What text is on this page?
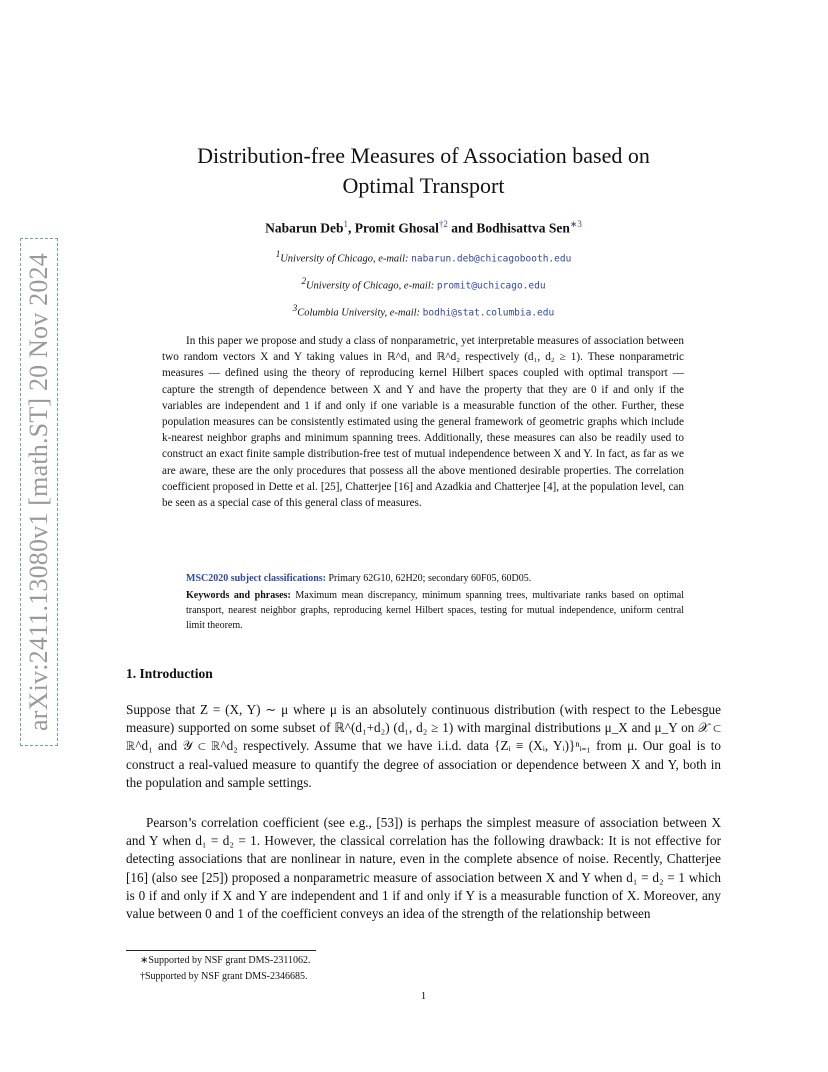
arXiv:2411.13080v1 [math.ST] 20 Nov 2024
Distribution-free Measures of Association based on
Optimal Transport
Nabarun Deb$^1$, Promit Ghosal$^{\dagger 2}$ and Bodhisattva Sen$^{∗3}$
$^1$University of Chicago, e-mail: nabarun.deb@chicagobooth.edu
$^2$University of Chicago, e-mail: promit@uchicago.edu
$^3$Columbia University, e-mail: bodhi@stat.columbia.edu

In this paper we propose and study a class of nonparametric, yet interpretable measures of association between two random vectors X and Y taking values in ℝ^d₁ and ℝ^d₂ respectively (d₁, d₂ ≥ 1). These nonparametric measures — defined using the theory of reproducing kernel Hilbert spaces coupled with optimal transport — capture the strength of dependence between X and Y and have the property that they are 0 if and only if the variables are independent and 1 if and only if one variable is a measurable function of the other. Further, these population measures can be consistently estimated using the general framework of geometric graphs which include k-nearest neighbor graphs and minimum spanning trees. Additionally, these measures can also be readily used to construct an exact finite sample distribution-free test of mutual independence between X and Y. In fact, as far as we are aware, these are the only procedures that possess all the above mentioned desirable properties. The correlation coefficient proposed in Dette et al. [25], Chatterjee [16] and Azadkia and Chatterjee [4], at the population level, can be seen as a special case of this general class of measures.

MSC2020 subject classifications: Primary 62G10, 62H20; secondary 60F05, 60D05.

Keywords and phrases: Maximum mean discrepancy, minimum spanning trees, multivariate ranks based on optimal transport, nearest neighbor graphs, reproducing kernel Hilbert spaces, testing for mutual independence, uniform central limit theorem.

1. Introduction

Suppose that Z = (X, Y) ∼ μ where μ is an absolutely continuous distribution (with respect to the Lebesgue measure) supported on some subset of ℝ^(d₁+d₂) (d₁, d₂ ≥ 1) with marginal distributions μ_X and μ_Y on 𝒳 ⊂ ℝ^d₁ and 𝒴 ⊂ ℝ^d₂ respectively. Assume that we have i.i.d. data {Zᵢ ≡ (Xᵢ, Yᵢ)}ⁿᵢ₌₁ from μ. Our goal is to construct a real-valued measure to quantify the degree of association or dependence between X and Y, both in the population and sample settings.

Pearson’s correlation coefficient (see e.g., [53]) is perhaps the simplest measure of association between X and Y when d₁ = d₂ = 1. However, the classical correlation has the following drawback: It is not effective for detecting associations that are nonlinear in nature, even in the complete absence of noise. Recently, Chatterjee [16] (also see [25]) proposed a nonparametric measure of association between X and Y when d₁ = d₂ = 1 which is 0 if and only if X and Y are independent and 1 if and only if Y is a measurable function of X. Moreover, any value between 0 and 1 of the coefficient conveys an idea of the strength of the relationship between

∗Supported by NSF grant DMS-2311062.
†Supported by NSF grant DMS-2346685.
1
